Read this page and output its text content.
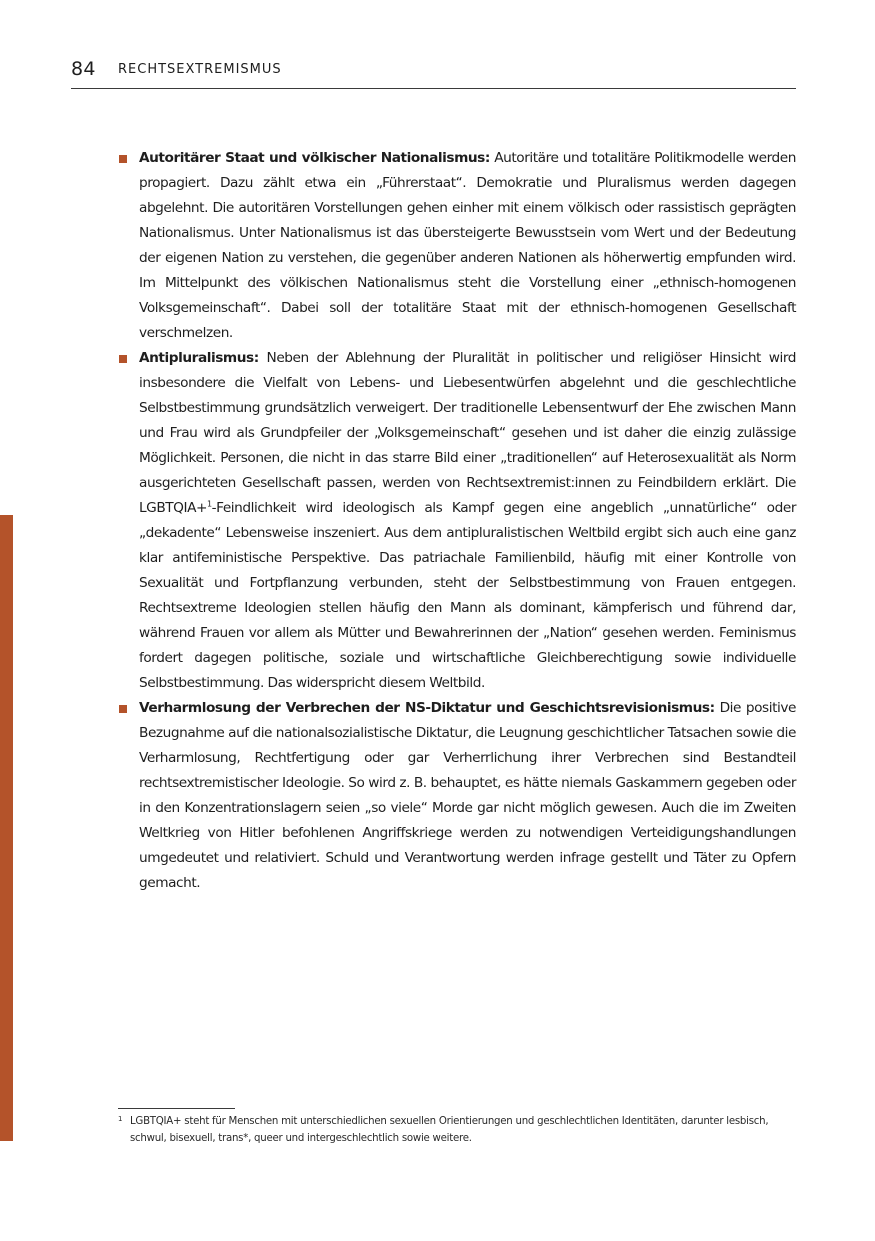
84 RECHTSEXTREMISMUS
Autoritärer Staat und völkischer Nationalismus: Autoritäre und totalitäre Politikmodelle werden propagiert. Dazu zählt etwa ein „Führerstaat“. Demokratie und Pluralismus werden dagegen abgelehnt. Die autoritären Vorstellungen gehen einher mit einem völkisch oder rassistisch geprägten Nationalismus. Unter Nationalismus ist das übersteigerte Bewusstsein vom Wert und der Bedeutung der eigenen Nation zu verstehen, die gegenüber anderen Nationen als höherwertig empfunden wird. Im Mittelpunkt des völkischen Nationalismus steht die Vorstellung einer „ethnisch-homogenen Volksgemeinschaft“. Dabei soll der totalitäre Staat mit der ethnisch-homogenen Gesellschaft verschmelzen.
Antipluralismus: Neben der Ablehnung der Pluralität in politischer und religiöser Hinsicht wird insbesondere die Vielfalt von Lebens- und Liebesentwürfen abgelehnt und die geschlechtliche Selbstbestimmung grundsätzlich verweigert. Der traditionelle Lebensentwurf der Ehe zwischen Mann und Frau wird als Grundpfeiler der „Volksgemeinschaft“ gesehen und ist daher die einzig zulässige Möglichkeit. Personen, die nicht in das starre Bild einer „traditionellen“ auf Heterosexualität als Norm ausgerichteten Gesellschaft passen, werden von Rechtsextremist:innen zu Feindbildern erklärt. Die LGBTQIA+$^1$-Feindlichkeit wird ideologisch als Kampf gegen eine angeblich „unnatürliche“ oder „dekadente“ Lebensweise inszeniert. Aus dem antipluralistischen Weltbild ergibt sich auch eine ganz klar antifeministische Perspektive. Das patriachale Familienbild, häufig mit einer Kontrolle von Sexualität und Fortpflanzung verbunden, steht der Selbstbestimmung von Frauen entgegen. Rechtsextreme Ideologien stellen häufig den Mann als dominant, kämpferisch und führend dar, während Frauen vor allem als Mütter und Bewahrerinnen der „Nation“ gesehen werden. Feminismus fordert dagegen politische, soziale und wirtschaftliche Gleichberechtigung sowie individuelle Selbstbestimmung. Das widerspricht diesem Weltbild.
Verharmlosung der Verbrechen der NS-Diktatur und Geschichtsrevisionismus: Die positive Bezugnahme auf die nationalsozialistische Diktatur, die Leugnung geschichtlicher Tatsachen sowie die Verharmlosung, Rechtfertigung oder gar Verherrlichung ihrer Verbrechen sind Bestandteil rechtsextremistischer Ideologie. So wird z. B. behauptet, es hätte niemals Gaskammern gegeben oder in den Konzentrationslagern seien „so viele“ Morde gar nicht möglich gewesen. Auch die im Zweiten Weltkrieg von Hitler befohlenen Angriffskriege werden zu notwendigen Verteidigungshandlungen umgedeutet und relativiert. Schuld und Verantwortung werden infrage gestellt und Täter zu Opfern gemacht.
1 LGBTQIA+ steht für Menschen mit unterschiedlichen sexuellen Orientierungen und geschlechtlichen Identitäten, darunter lesbisch, schwul, bisexuell, trans*, queer und intergeschlechtlich sowie weitere.
